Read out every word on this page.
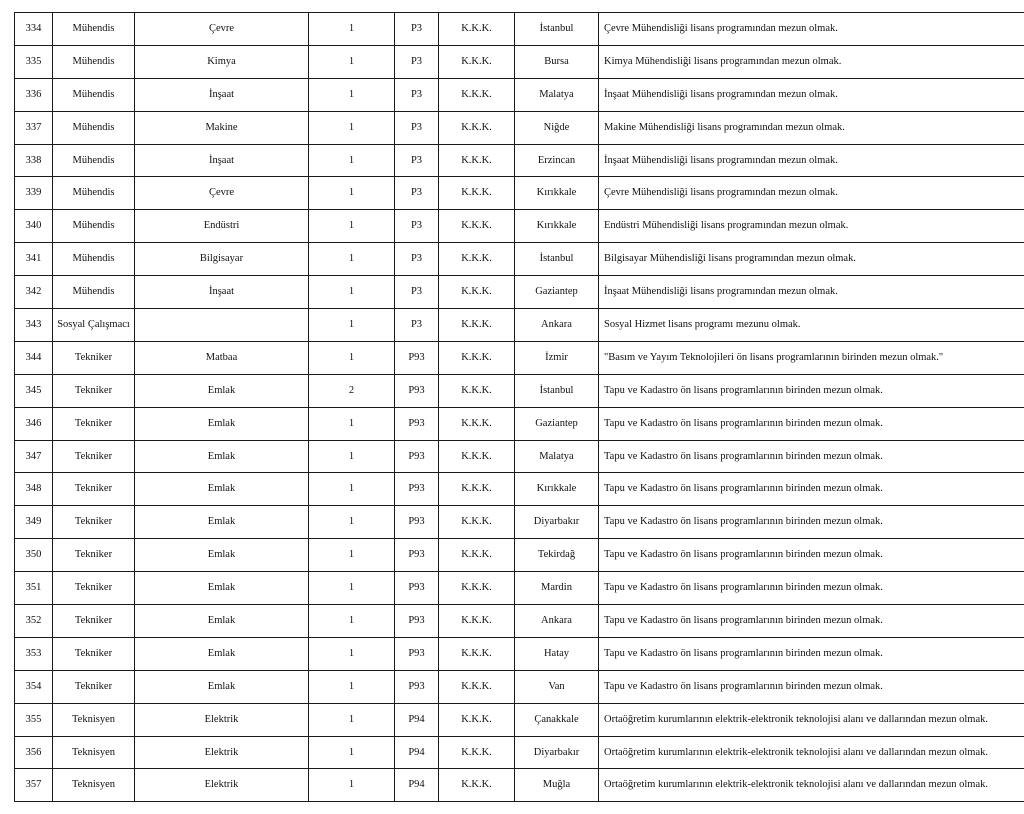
334	Mühendis	Çevre	1	P3	K.K.K.	İstanbul	Çevre Mühendisliği lisans programından mezun olmak.	
335	Mühendis	Kimya	1	P3	K.K.K.	Bursa	Kimya Mühendisliği lisans programından mezun olmak.	
336	Mühendis	İnşaat	1	P3	K.K.K.	Malatya	İnşaat Mühendisliği lisans programından mezun olmak.	
337	Mühendis	Makine	1	P3	K.K.K.	Niğde	Makine Mühendisliği lisans programından mezun olmak.	
338	Mühendis	İnşaat	1	P3	K.K.K.	Erzincan	İnşaat Mühendisliği lisans programından mezun olmak.	
339	Mühendis	Çevre	1	P3	K.K.K.	Kırıkkale	Çevre Mühendisliği lisans programından mezun olmak.	
340	Mühendis	Endüstri	1	P3	K.K.K.	Kırıkkale	Endüstri Mühendisliği lisans programından mezun olmak.	
341	Mühendis	Bilgisayar	1	P3	K.K.K.	İstanbul	Bilgisayar Mühendisliği lisans programından mezun olmak.	
342	Mühendis	İnşaat	1	P3	K.K.K.	Gaziantep	İnşaat Mühendisliği lisans programından mezun olmak.	
343	Sosyal Çalışmacı		1	P3	K.K.K.	Ankara	Sosyal Hizmet lisans programı mezunu olmak.	
344	Tekniker	Matbaa	1	P93	K.K.K.	İzmir	"Basım ve Yayım Teknolojileri ön lisans programlarının birinden mezun olmak."	
345	Tekniker	Emlak	2	P93	K.K.K.	İstanbul	Tapu ve Kadastro ön lisans programlarının birinden mezun olmak.	
346	Tekniker	Emlak	1	P93	K.K.K.	Gaziantep	Tapu ve Kadastro ön lisans programlarının birinden mezun olmak.	
347	Tekniker	Emlak	1	P93	K.K.K.	Malatya	Tapu ve Kadastro ön lisans programlarının birinden mezun olmak.	
348	Tekniker	Emlak	1	P93	K.K.K.	Kırıkkale	Tapu ve Kadastro ön lisans programlarının birinden mezun olmak.	
349	Tekniker	Emlak	1	P93	K.K.K.	Diyarbakır	Tapu ve Kadastro ön lisans programlarının birinden mezun olmak.	
350	Tekniker	Emlak	1	P93	K.K.K.	Tekirdağ	Tapu ve Kadastro ön lisans programlarının birinden mezun olmak.	
351	Tekniker	Emlak	1	P93	K.K.K.	Mardin	Tapu ve Kadastro ön lisans programlarının birinden mezun olmak.	
352	Tekniker	Emlak	1	P93	K.K.K.	Ankara	Tapu ve Kadastro ön lisans programlarının birinden mezun olmak.	
353	Tekniker	Emlak	1	P93	K.K.K.	Hatay	Tapu ve Kadastro ön lisans programlarının birinden mezun olmak.	
354	Tekniker	Emlak	1	P93	K.K.K.	Van	Tapu ve Kadastro ön lisans programlarının birinden mezun olmak.	
355	Teknisyen	Elektrik	1	P94	K.K.K.	Çanakkale	Ortaöğretim kurumlarının elektrik-elektronik teknolojisi alanı ve dallarından mezun olmak.	
356	Teknisyen	Elektrik	1	P94	K.K.K.	Diyarbakır	Ortaöğretim kurumlarının elektrik-elektronik teknolojisi alanı ve dallarından mezun olmak.	
357	Teknisyen	Elektrik	1	P94	K.K.K.	Muğla	Ortaöğretim kurumlarının elektrik-elektronik teknolojisi alanı ve dallarından mezun olmak.	
